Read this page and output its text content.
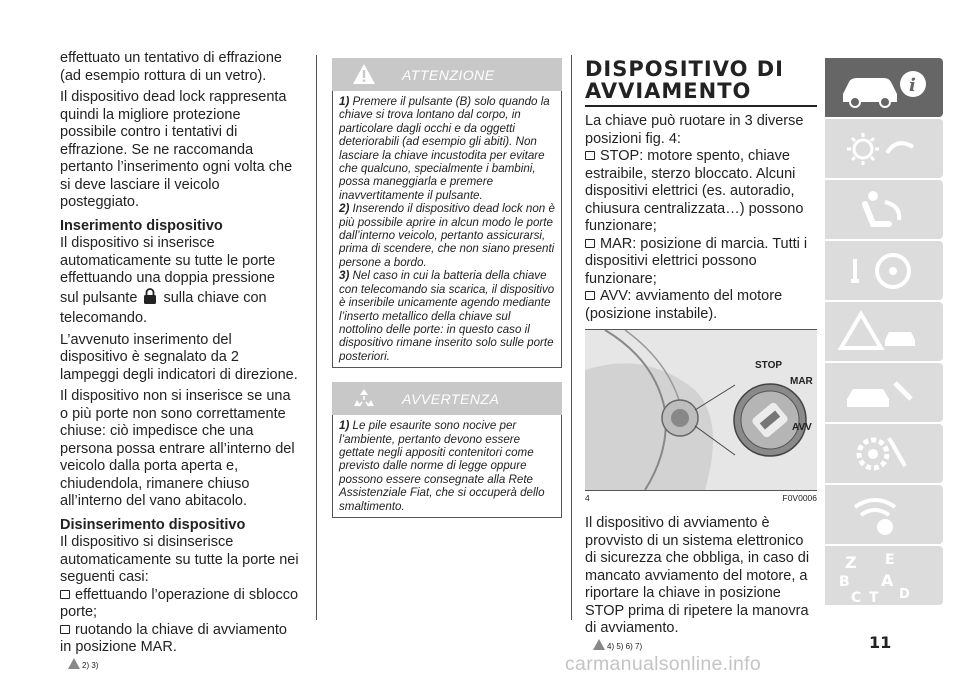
effettuato un tentativo di effrazione (ad esempio rottura di un vetro).

Il dispositivo dead lock rappresenta quindi la migliore protezione possibile contro i tentativi di effrazione. Se ne raccomanda pertanto l’inserimento ogni volta che si deve lasciare il veicolo posteggiato.

Inserimento dispositivo

Il dispositivo si inserisce automaticamente su tutte le porte effettuando una doppia pressione

sul pulsante sulla chiave con telecomando.

L’avvenuto inserimento del dispositivo è segnalato da 2 lampeggi degli indicatori di direzione.

Il dispositivo non si inserisce se una o più porte non sono correttamente chiuse: ciò impedisce che una persona possa entrare all’interno del veicolo dalla porta aperta e, chiudendola, rimanere chiuso all’interno del vano abitacolo.

Disinserimento dispositivo

Il dispositivo si disinserisce automaticamente su tutte la porte nei seguenti casi:

effettuando l’operazione di sblocco porte;

ruotando la chiave di avviamento in posizione MAR.

2) 3)

ATTENZIONE

1) Premere il pulsante (B) solo quando la chiave si trova lontano dal corpo, in particolare dagli occhi e da oggetti deteriorabili (ad esempio gli abiti). Non lasciare la chiave incustodita per evitare che qualcuno, specialmente i bambini, possa maneggiarla e premere inavvertitamente il pulsante.

2) Inserendo il dispositivo dead lock non è più possibile aprire in alcun modo le porte dall’interno veicolo, pertanto assicurarsi, prima di scendere, che non siano presenti persone a bordo.

3) Nel caso in cui la batteria della chiave con telecomando sia scarica, il dispositivo è inseribile unicamente agendo mediante l’inserto metallico della chiave sul nottolino delle porte: in questo caso il dispositivo rimane inserito solo sulle porte posteriori.

AVVERTENZA

1) Le pile esaurite sono nocive per l’ambiente, pertanto devono essere gettate negli appositi contenitori come previsto dalle norme di legge oppure possono essere consegnate alla Rete Assistenziale Fiat, che si occuperà dello smaltimento.

DISPOSITIVO DI
AVVIAMENTO

La chiave può ruotare in 3 diverse posizioni fig. 4:

STOP: motore spento, chiave estraibile, sterzo bloccato. Alcuni dispositivi elettrici (es. autoradio, chiusura centralizzata…) possono funzionare;

MAR: posizione di marcia. Tutti i dispositivi elettrici possono funzionare;

AVV: avviamento del motore (posizione instabile).

STOP
MAR
AVV
4	F0V0006

Il dispositivo di avviamento è provvisto di un sistema elettronico di sicurezza che obbliga, in caso di mancato avviamento del motore, a riportare la chiave in posizione STOP prima di ripetere la manovra di avviamento.

4) 5) 6) 7)

i
Z E
B A
C T D
11
carmanualsonline.info
